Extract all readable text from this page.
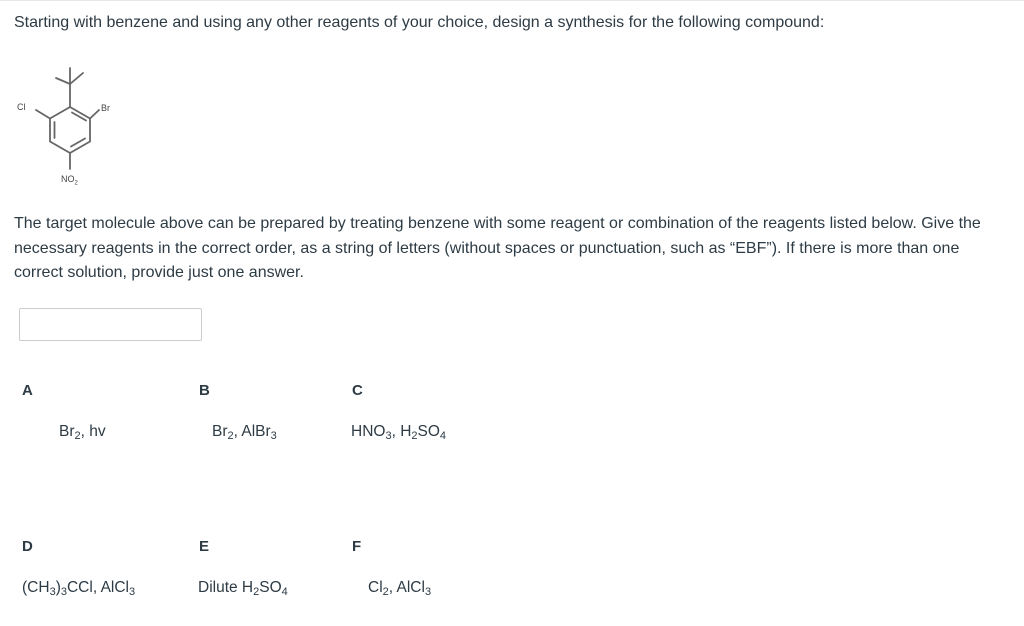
Starting with benzene and using any other reagents of your choice, design a synthesis for the following compound:

Cl	Br
$NO_2$

The target molecule above can be prepared by treating benzene with some reagent or combination of the reagents listed below. Give the necessary reagents in the correct order, as a string of letters (without spaces or punctuation, such as “EBF”). If there is more than one correct solution, provide just one answer.

A
$Br_2$, hv
B
$Br_2$, AlBr$_3$
C
$HNO_3$, $H_2SO_4$
D
$(CH_3)_3CCl$, AlCl$_3$
E
Dilute $H_2SO_4$
F
$Cl_2$, AlCl$_3$
